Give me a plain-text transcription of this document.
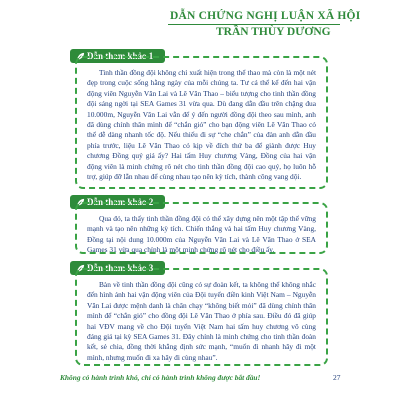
DẪN CHỨNG NGHỊ LUẬN XÃ HỘI
TRẦN THÙY DƯƠNG
Dẫn tham khảo 1

Tinh thần đồng đội không chỉ xuất hiện trong thể thao mà còn là một nét đẹp trong cuộc sống hằng ngày của mỗi chúng ta. Tư cá thể kể đến hai vận động viên Nguyễn Văn Lai và Lê Văn Thao – biểu tượng cho tinh thần đồng đội sáng ngời tại SEA Games 31 vừa qua. Dù đang dẫn đầu trên chặng đua 10.000m, Nguyễn Văn Lai vẫn để ý đến người đồng đội theo sau mình, anh đã dùng chính thân mình để “chắn gió” cho bạn động viên Lê Văn Thao có thể dễ dàng nhanh tốc độ. Nếu thiếu đi sự “che chắn” của đàn anh dẫn đầu phía trước, liệu Lê Văn Thao có kịp về đích thứ ba để giành được Huy chương Đồng quý giá ấy? Hai tấm Huy chương Vàng, Đồng của hai vận động viên là minh chứng rõ nét cho tinh thần đồng đội cao quý, họ luôn hỗ trợ, giúp đỡ lẫn nhau để cùng nhau tạo nên kỳ tích, thành công vang dội.

Dẫn tham khảo 2

Qua đó, ta thấy tinh thần đồng đội có thể xây dựng nên một tập thể vững mạnh và tạo nên những kỳ tích. Chiến thắng và hai tấm Huy chương Vàng, Đồng tại nội dung 10.000m của Nguyễn Văn Lai và Lê Văn Thao ở SEA Games 31 vừa qua chính là một minh chứng rõ nét cho điều ấy.

Dẫn tham khảo 3

Bàn về tinh thần đồng đội cũng có sự đoàn kết, ta không thể không nhắc đến hình ảnh hai vận động viên của Đội tuyển điền kinh Việt Nam – Nguyễn Văn Lai được mệnh danh là chân chạy “không biết mỏi” đã dùng chính thân mình để “chắn gió” cho đồng đội Lê Văn Thao ở phía sau. Điều đó đã giúp hai VĐV mang về cho Đội tuyển Việt Nam hai tấm huy chương vô cùng đáng giá tại kỳ SEA Games 31. Đây chính là minh chứng cho tinh thần đoàn kết, sẻ chia, đồng thời khẳng định sức mạnh, “muốn đi nhanh hãy đi một mình, nhưng muốn đi xa hãy đi cùng nhau”.

Không có hành trình khó, chỉ có hành trình không được bắt đầu!	27
